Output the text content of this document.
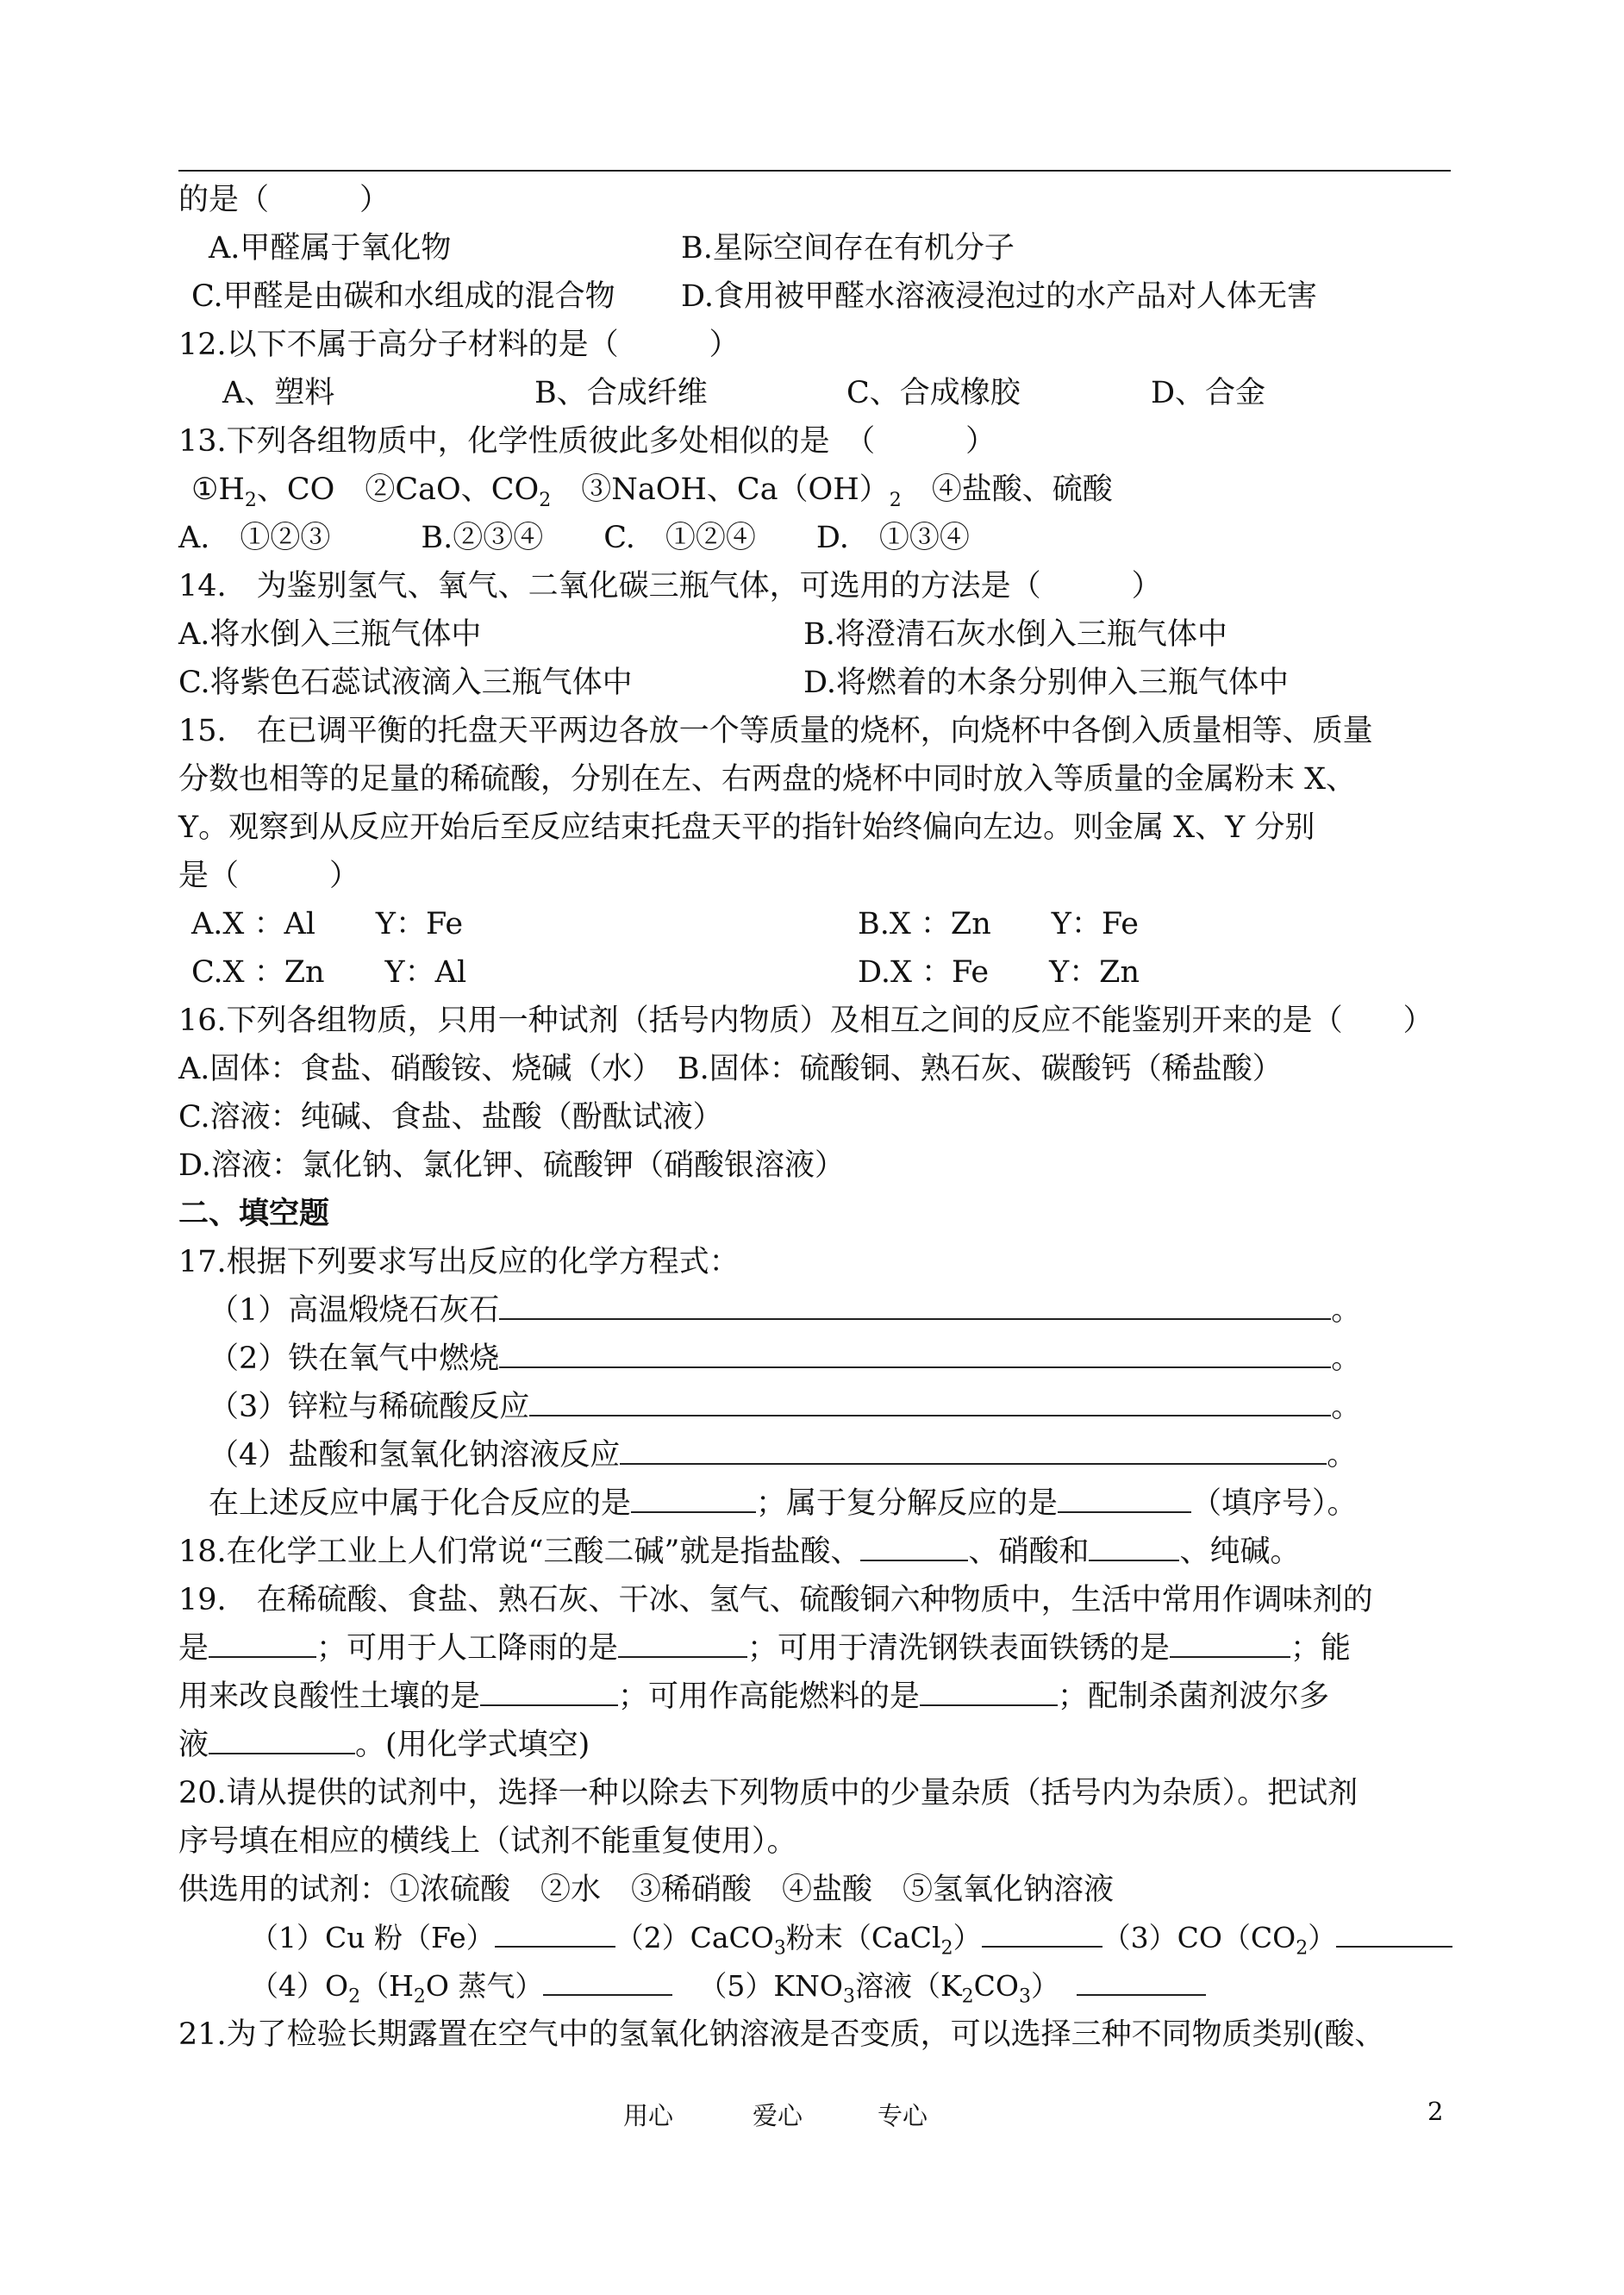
的是（　　　）
A.甲醛属于氧化物	B.星际空间存在有机分子
C.甲醛是由碳和水组成的混合物 D.食用被甲醛水溶液浸泡过的水产品对人体无害
12.以下不属于高分子材料的是（　　　）
A、塑料	B、合成纤维	C、合成橡胶	D、合金
13.下列各组物质中，化学性质彼此多处相似的是　（　　　）
$①H_2$、CO　②CaO、$CO_2$　③NaOH、$Ca(OH)_2$　④盐酸、硫酸
A.　①②③　　　B.②③④　　C.　①②④　　D.　①③④
14.　为鉴别氢气、氧气、二氧化碳三瓶气体，可选用的方法是（　　　）
A.将水倒入三瓶气体中	B.将澄清石灰水倒入三瓶气体中
C.将紫色石蕊试液滴入三瓶气体中	D.将燃着的木条分别伸入三瓶气体中
15.　在已调平衡的托盘天平两边各放一个等质量的烧杯，向烧杯中各倒入质量相等、质量
分数也相等的足量的稀硫酸，分别在左、右两盘的烧杯中同时放入等质量的金属粉末 X、
Y。观察到从反应开始后至反应结束托盘天平的指针始终偏向左边。则金属 X、Y 分别
是（　　　）
A.X ：Al　　Y：Fe	B.X ：Zn　　Y：Fe
C.X ：Zn　　Y：Al	D.X ：Fe　　Y：Zn
16.下列各组物质，只用一种试剂（括号内物质）及相互之间的反应不能鉴别开来的是（　　）
A.固体：食盐、硝酸铵、烧碱（水）　B.固体：硫酸铜、熟石灰、碳酸钙（稀盐酸）
C.溶液：纯碱、食盐、盐酸（酚酞试液）
D.溶液：氯化钠、氯化钾、硫酸钾（硝酸银溶液）
二、填空题
17.根据下列要求写出反应的化学方程式：
（1）高温煅烧石灰石	。
（2）铁在氧气中燃烧	。
（3）锌粒与稀硫酸反应	。
（4）盐酸和氢氧化钠溶液反应	。
在上述反应中属于化合反应的是	；属于复分解反应的是	（填序号）。
18.在化学工业上人们常说“三酸二碱”就是指盐酸、	、硝酸和	、纯碱。
19.　在稀硫酸、食盐、熟石灰、干冰、氢气、硫酸铜六种物质中，生活中常用作调味剂的
是	；可用于人工降雨的是	；可用于清洗钢铁表面铁锈的是	；能
用来改良酸性土壤的是	；可用作高能燃料的是	；配制杀菌剂波尔多
液	。(用化学式填空)
20.请从提供的试剂中，选择一种以除去下列物质中的少量杂质（括号内为杂质）。把试剂
序号填在相应的横线上（试剂不能重复使用）。
供选用的试剂：①浓硫酸　②水　③稀硝酸　④盐酸　⑤氢氧化钠溶液
（1）Cu 粉（Fe）	（2）CaCO$_3$粉末（CaCl$_2$）	$(3)CO(CO_2)$
$(4)O_2(H_2O$ 蒸气）	$(5)KNO_3$溶液$(K_2CO_3)$
21.为了检验长期露置在空气中的氢氧化钠溶液是否变质，可以选择三种不同物质类别(酸、
用心	爱心	专心	2
